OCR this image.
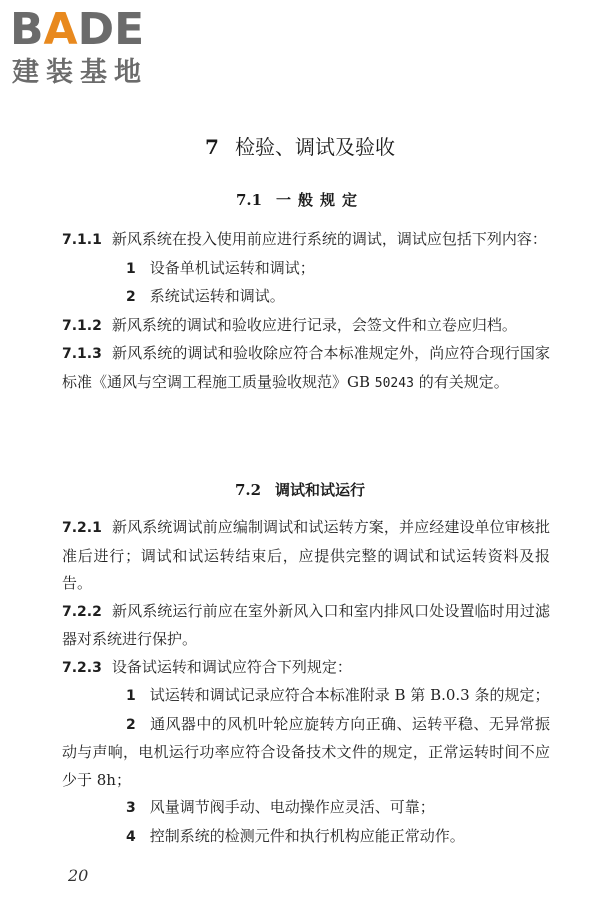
BADE
建装基地
7 检验、调试及验收
7.1 一般规定

7.1.1 新风系统在投入使用前应进行系统的调试，调试应包括下列内容：

1 设备单机试运转和调试；

2 系统试运转和调试。

7.1.2 新风系统的调试和验收应进行记录，会签文件和立卷应归档。

7.1.3 新风系统的调试和验收除应符合本标准规定外，尚应符合现行国家标准《通风与空调工程施工质量验收规范》GB 50243 的有关规定。

7.2 调试和试运行

7.2.1 新风系统调试前应编制调试和试运转方案，并应经建设单位审核批准后进行；调试和试运转结束后，应提供完整的调试和试运转资料及报告。

7.2.2 新风系统运行前应在室外新风入口和室内排风口处设置临时用过滤器对系统进行保护。

7.2.3 设备试运转和调试应符合下列规定：

1 试运转和调试记录应符合本标准附录 B 第 B.0.3 条的规定；

2 通风器中的风机叶轮应旋转方向正确、运转平稳、无异常振动与声响，电机运行功率应符合设备技术文件的规定，正常运转时间不应少于 8h；

3 风量调节阀手动、电动操作应灵活、可靠；

4 控制系统的检测元件和执行机构应能正常动作。

20
